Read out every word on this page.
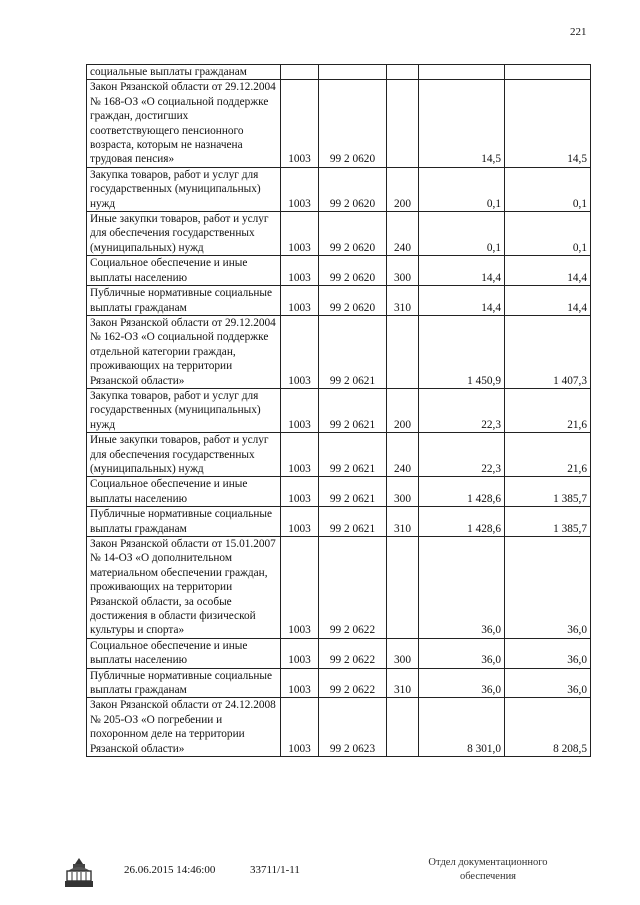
221
социальные выплаты гражданам					
Закон Рязанской области от 29.12.2004 № 168-ОЗ «О социальной поддержке граждан, достигших соответствующего пенсионного возраста, которым не назначена трудовая пенсия»	1003	99 2 0620		14,5	14,5
Закупка товаров, работ и услуг для государственных (муниципальных) нужд	1003	99 2 0620	200	0,1	0,1
Иные закупки товаров, работ и услуг для обеспечения государственных (муниципальных) нужд	1003	99 2 0620	240	0,1	0,1
Социальное обеспечение и иные выплаты населению	1003	99 2 0620	300	14,4	14,4
Публичные нормативные социальные выплаты гражданам	1003	99 2 0620	310	14,4	14,4
Закон Рязанской области от 29.12.2004 № 162-ОЗ «О социальной поддержке отдельной категории граждан, проживающих на территории Рязанской области»	1003	99 2 0621		1 450,9	1 407,3
Закупка товаров, работ и услуг для государственных (муниципальных) нужд	1003	99 2 0621	200	22,3	21,6
Иные закупки товаров, работ и услуг для обеспечения государственных (муниципальных) нужд	1003	99 2 0621	240	22,3	21,6
Социальное обеспечение и иные выплаты населению	1003	99 2 0621	300	1 428,6	1 385,7
Публичные нормативные социальные выплаты гражданам	1003	99 2 0621	310	1 428,6	1 385,7
Закон Рязанской области от 15.01.2007 № 14-ОЗ «О дополнительном материальном обеспечении граждан, проживающих на территории Рязанской области, за особые достижения в области физической культуры и спорта»	1003	99 2 0622		36,0	36,0
Социальное обеспечение и иные выплаты населению	1003	99 2 0622	300	36,0	36,0
Публичные нормативные социальные выплаты гражданам	1003	99 2 0622	310	36,0	36,0
Закон Рязанской области от 24.12.2008 № 205-ОЗ «О погребении и похоронном деле на территории Рязанской области»	1003	99 2 0623		8 301,0	8 208,5
26.06.2015 14:46:00	33711/1-11
Отдел документационного
обеспечения
